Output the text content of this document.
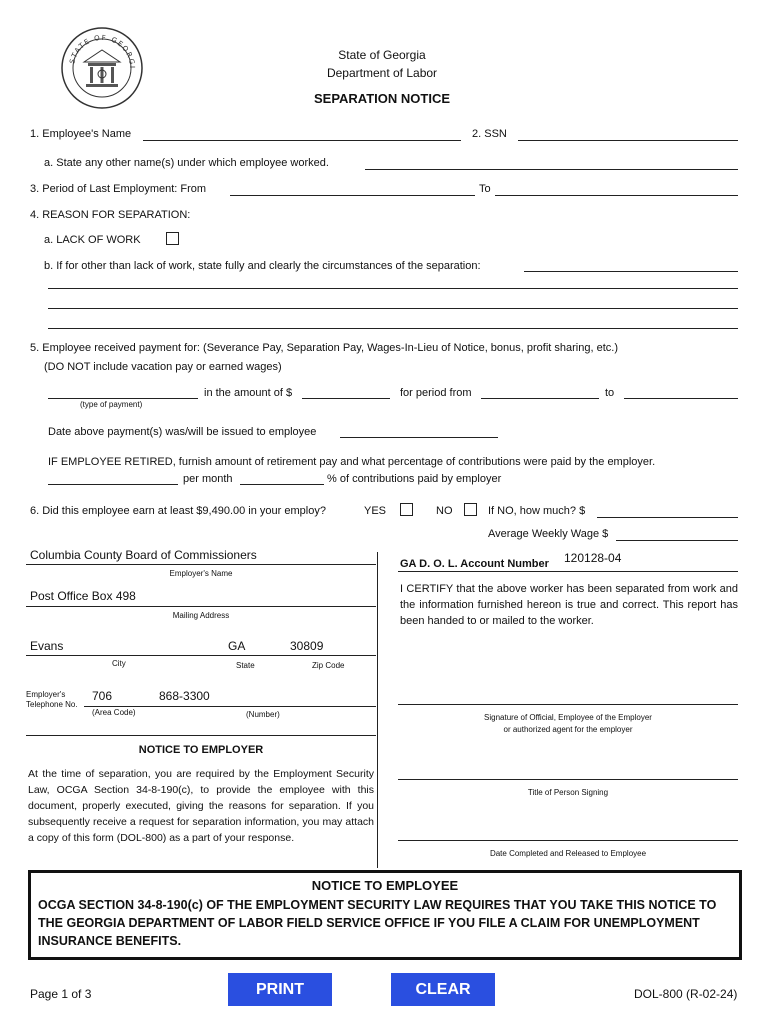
STATE OF GEORGI
State of Georgia
Department of Labor
SEPARATION NOTICE
1. Employee's Name	2. SSN
a. State any other name(s) under which employee worked.
3. Period of Last Employment: From	To
4. REASON FOR SEPARATION:
a. LACK OF WORK
b. If for other than lack of work, state fully and clearly the circumstances of the separation:
5. Employee received payment for: (Severance Pay, Separation Pay, Wages-In-Lieu of Notice, bonus, profit sharing, etc.)
(DO NOT include vacation pay or earned wages)
(type of payment)
in the amount of $	for period from	to
Date above payment(s) was/will be issued to employee
IF EMPLOYEE RETIRED, furnish amount of retirement pay and what percentage of contributions were paid by the employer.
per month	% of contributions paid by employer
6. Did this employee earn at least $9,490.00 in your employ?	YES	NO	If NO, how much? $
Average Weekly Wage $
Columbia County Board of Commissioners
Employer's Name
Post Office Box 498
Mailing Address
Evans	GA	30809
City	State	Zip Code
Employer's
Telephone No.
706	868-3300
(Area Code)	(Number)
GA D. O. L. Account Number 120128-04
I CERTIFY that the above worker has been separated from work and the information furnished hereon is true and correct. This report has been handed to or mailed to the worker.
Signature of Official, Employee of the Employer
or authorized agent for the employer
Title of Person Signing
Date Completed and Released to Employee
NOTICE TO EMPLOYER
At the time of separation, you are required by the Employment Security Law, OCGA Section 34-8-190(c), to provide the employee with this document, properly executed, giving the reasons for separation. If you subsequently receive a request for separation information, you may attach a copy of this form (DOL-800) as a part of your response.
NOTICE TO EMPLOYEE
OCGA SECTION 34-8-190(c) OF THE EMPLOYMENT SECURITY LAW REQUIRES THAT YOU TAKE THIS NOTICE TO THE GEORGIA DEPARTMENT OF LABOR FIELD SERVICE OFFICE IF YOU FILE A CLAIM FOR UNEMPLOYMENT INSURANCE BENEFITS.
Page 1 of 3	PRINT	CLEAR	DOL-800 (R-02-24)
